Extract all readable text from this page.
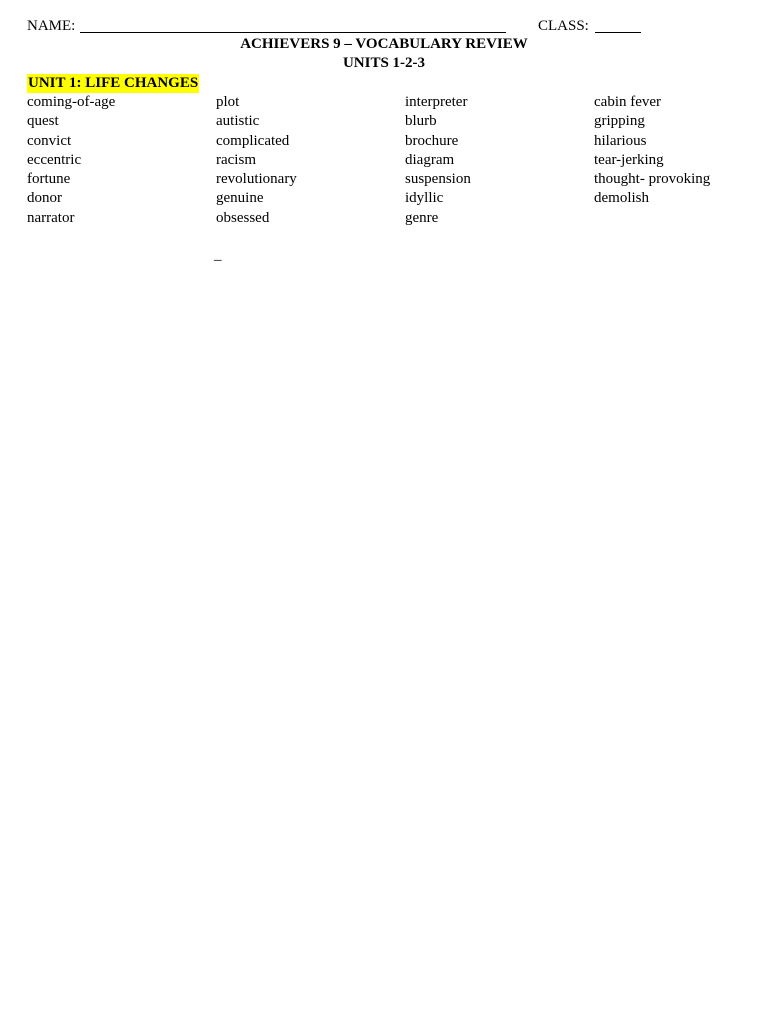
NAME:	CLASS:
ACHIEVERS 9 – VOCABULARY REVIEW
UNITS 1-2-3
UNIT 1: LIFE CHANGES
coming-of-age	plot	interpreter	cabin fever
quest	autistic	blurb	gripping
convict	complicated	brochure	hilarious
eccentric	racism	diagram	tear-jerking
fortune	revolutionary	suspension	thought- provoking
donor	genuine	idyllic	demolish
narrator	obsessed	genre
_
